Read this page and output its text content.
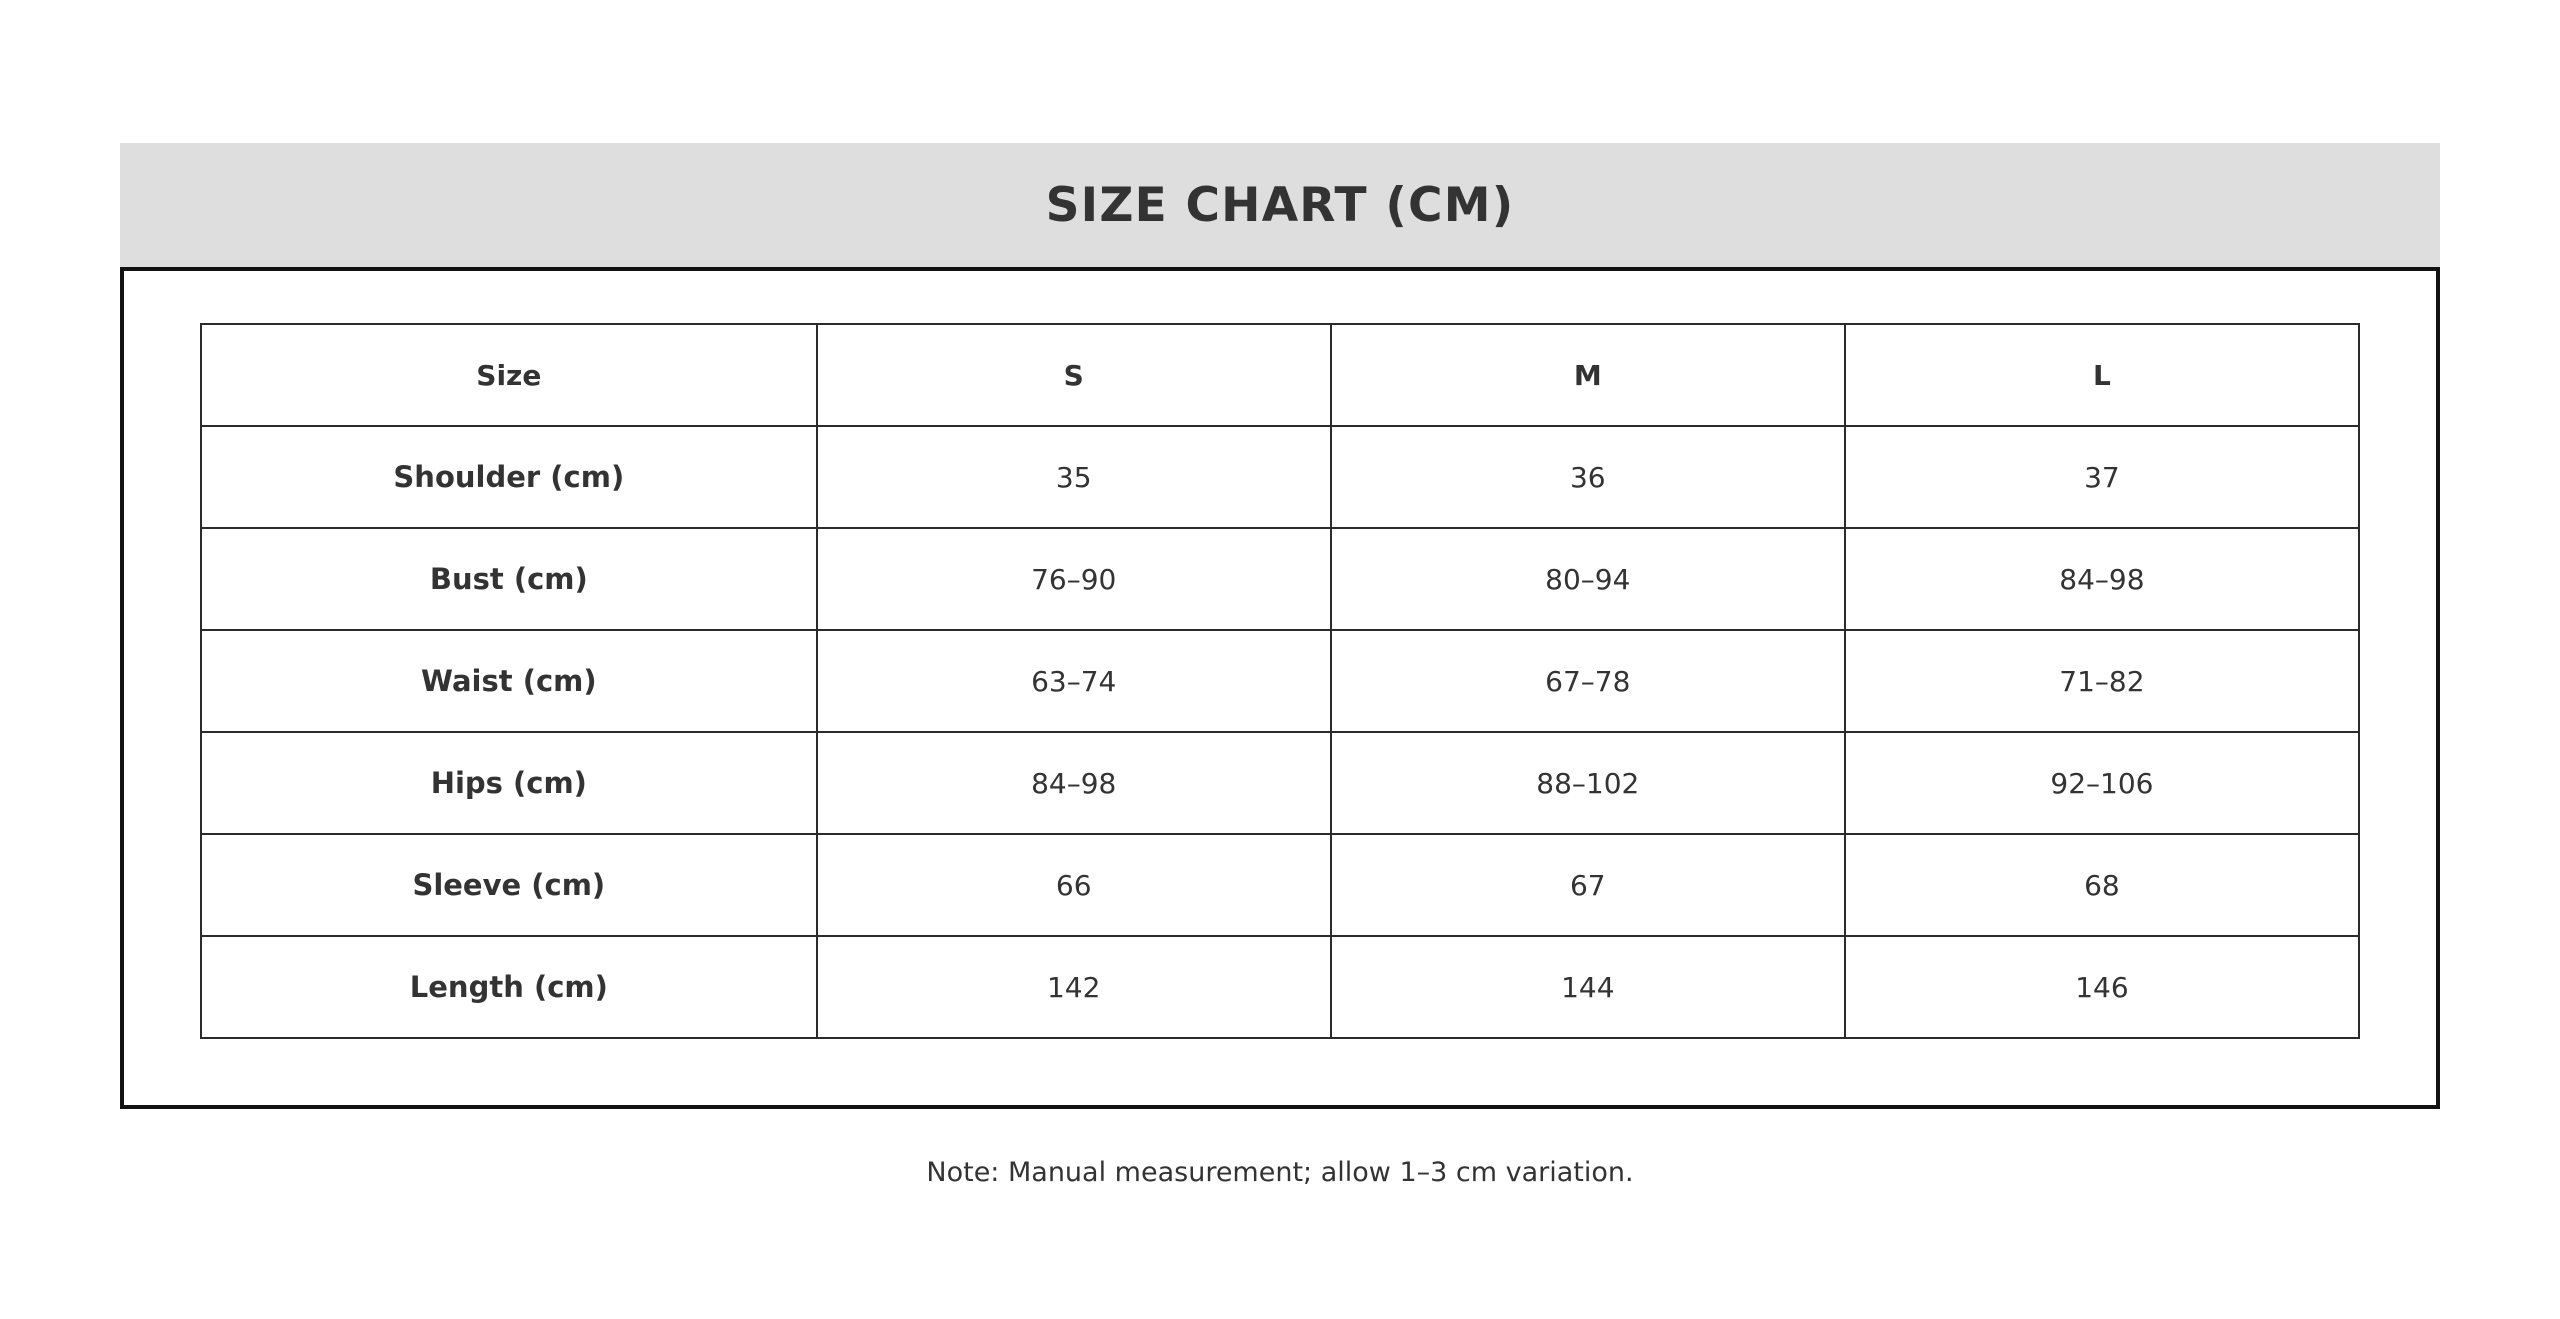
SIZE CHART (CM)
Size	S	M	L
Shoulder (cm)	35	36	37
Bust (cm)	76–90	80–94	84–98
Waist (cm)	63–74	67–78	71–82
Hips (cm)	84–98	88–102	92–106
Sleeve (cm)	66	67	68
Length (cm)	142	144	146
Note: Manual measurement; allow 1–3 cm variation.
